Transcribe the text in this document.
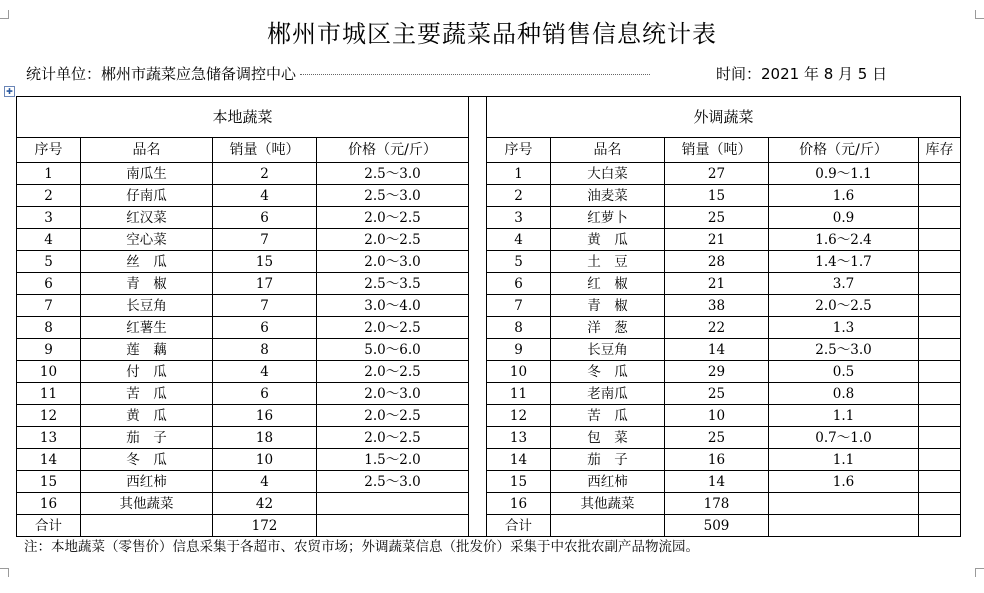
郴州市城区主要蔬菜品种销售信息统计表
统计单位：郴州市蔬菜应急储备调控中心	时间：2021 年 8 月 5 日
✚
本地蔬菜					外调蔬菜				
序号	品名	销量（吨）	价格（元/斤）		序号	品名	销量（吨）	价格（元/斤）	库存
1	南瓜生	2	2.5～3.0		1	大白菜	27	0.9～1.1	
2	仔南瓜	4	2.5～3.0		2	油麦菜	15	1.6	
3	红汉菜	6	2.0～2.5		3	红萝卜	25	0.9	
4	空心菜	7	2.0～2.5		4	黄　瓜	21	1.6～2.4	
5	丝　瓜	15	2.0～3.0		5	土　豆	28	1.4～1.7	
6	青　椒	17	2.5～3.5		6	红　椒	21	3.7	
7	长豆角	7	3.0～4.0		7	青　椒	38	2.0～2.5	
8	红薯生	6	2.0～2.5		8	洋　葱	22	1.3	
9	莲　藕	8	5.0～6.0		9	长豆角	14	2.5～3.0	
10	付　瓜	4	2.0～2.5		10	冬　瓜	29	0.5	
11	苦　瓜	6	2.0～3.0		11	老南瓜	25	0.8	
12	黄　瓜	16	2.0～2.5		12	苦　瓜	10	1.1	
13	茄　子	18	2.0～2.5		13	包　菜	25	0.7～1.0	
14	冬　瓜	10	1.5～2.0		14	茄　子	16	1.1	
15	西红柿	4	2.5～3.0		15	西红柿	14	1.6	
16	其他蔬菜	42			16	其他蔬菜	178		
合计		172			合计		509		
注：本地蔬菜（零售价）信息采集于各超市、农贸市场；外调蔬菜信息（批发价）采集于中农批农副产品物流园。
